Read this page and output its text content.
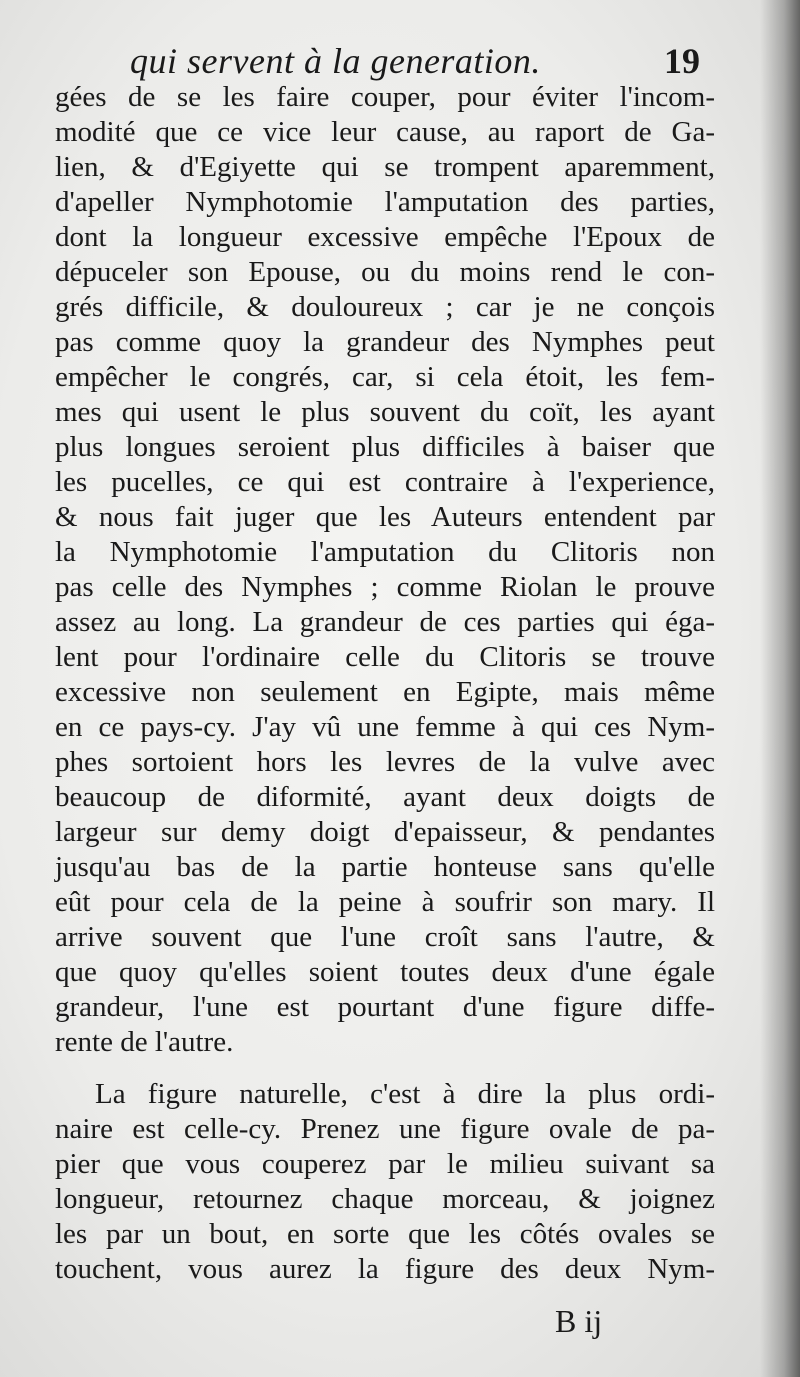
qui servent à la generation.	19
gées de se les faire couper, pour éviter l'incom-
modité que ce vice leur cause, au raport de Ga-
lien, & d'Egiyette qui se trompent aparemment,
d'apeller Nymphotomie l'amputation des parties,
dont la longueur excessive empêche l'Epoux de
dépuceler son Epouse, ou du moins rend le con-
grés difficile, & douloureux ; car je ne conçois
pas comme quoy la grandeur des Nymphes peut
empêcher le congrés, car, si cela étoit, les fem-
mes qui usent le plus souvent du coït, les ayant
plus longues seroient plus difficiles à baiser que
les pucelles, ce qui est contraire à l'experience,
& nous fait juger que les Auteurs entendent par
la Nymphotomie l'amputation du Clitoris non
pas celle des Nymphes ; comme Riolan le prouve
assez au long. La grandeur de ces parties qui éga-
lent pour l'ordinaire celle du Clitoris se trouve
excessive non seulement en Egipte, mais même
en ce pays-cy. J'ay vû une femme à qui ces Nym-
phes sortoient hors les levres de la vulve avec
beaucoup de diformité, ayant deux doigts de
largeur sur demy doigt d'epaisseur, & pendantes
jusqu'au bas de la partie honteuse sans qu'elle
eût pour cela de la peine à soufrir son mary. Il
arrive souvent que l'une croît sans l'autre, &
que quoy qu'elles soient toutes deux d'une égale
grandeur, l'une est pourtant d'une figure diffe-
rente de l'autre.
La figure naturelle, c'est à dire la plus ordi-
naire est celle-cy. Prenez une figure ovale de pa-
pier que vous couperez par le milieu suivant sa
longueur, retournez chaque morceau, & joignez
les par un bout, en sorte que les côtés ovales se
touchent, vous aurez la figure des deux Nym-
B ij
